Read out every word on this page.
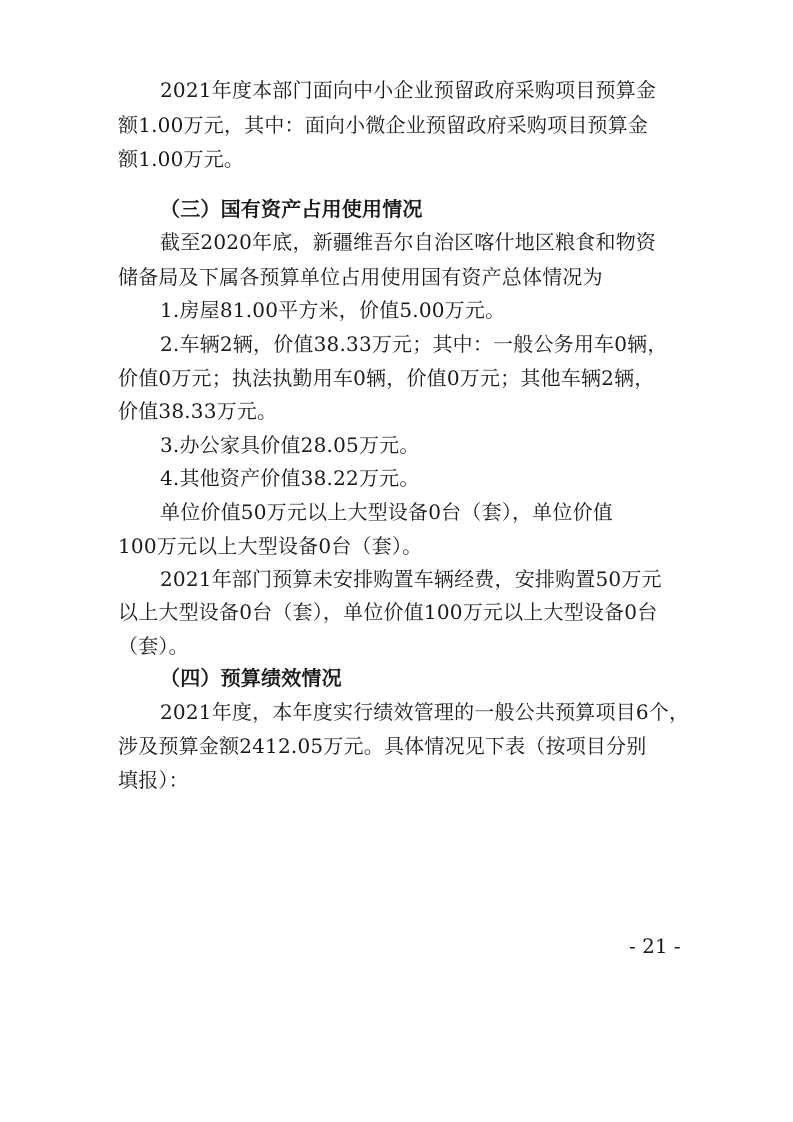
2021年度本部门面向中小企业预留政府采购项目预算金
额1.00万元，其中：面向小微企业预留政府采购项目预算金
额1.00万元。
（三）国有资产占用使用情况
截至2020年底，新疆维吾尔自治区喀什地区粮食和物资
储备局及下属各预算单位占用使用国有资产总体情况为
1.房屋81.00平方米，价值5.00万元。
2.车辆2辆，价值38.33万元；其中：一般公务用车0辆，
价值0万元；执法执勤用车0辆，价值0万元；其他车辆2辆，
价值38.33万元。
3.办公家具价值28.05万元。
4.其他资产价值38.22万元。
单位价值50万元以上大型设备0台（套），单位价值
100万元以上大型设备0台（套）。
2021年部门预算未安排购置车辆经费，安排购置50万元
以上大型设备0台（套），单位价值100万元以上大型设备0台
（套）。
（四）预算绩效情况
2021年度，本年度实行绩效管理的一般公共预算项目6个，
涉及预算金额2412.05万元。具体情况见下表（按项目分别
填报）：
- 21 -
